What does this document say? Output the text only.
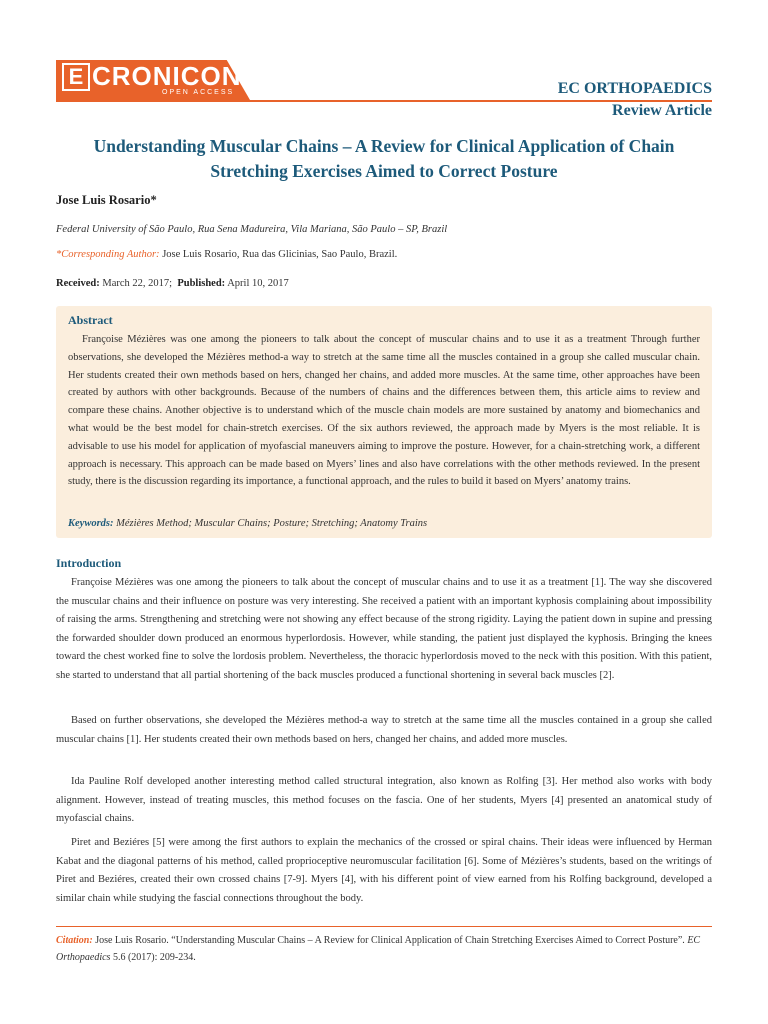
E CRONICON
OPEN ACCESS	EC ORTHOPAEDICS
Review Article
Understanding Muscular Chains – A Review for Clinical Application of Chain Stretching Exercises Aimed to Correct Posture
Jose Luis Rosario*
Federal University of São Paulo, Rua Sena Madureira, Vila Mariana, São Paulo – SP, Brazil
*Corresponding Author: Jose Luis Rosario, Rua das Glicinias, Sao Paulo, Brazil.
Received: March 22, 2017; Published: April 10, 2017
Abstract
Françoise Mézières was one among the pioneers to talk about the concept of muscular chains and to use it as a treatment Through further observations, she developed the Mézières method-a way to stretch at the same time all the muscles contained in a group she called muscular chain. Her students created their own methods based on hers, changed her chains, and added more muscles. At the same time, other approaches have been created by authors with other backgrounds. Because of the numbers of chains and the differences between them, this article aims to review and compare these chains. Another objective is to understand which of the muscle chain models are more sustained by anatomy and biomechanics and what would be the best model for chain-stretch exercises. Of the six authors reviewed, the approach made by Myers is the most reliable. It is advisable to use his model for application of myofascial maneuvers aiming to improve the posture. However, for a chain-stretching work, a different approach is necessary. This approach can be made based on Myers’ lines and also have correlations with the other methods reviewed. In the present study, there is the discussion regarding its importance, a functional approach, and the rules to build it based on Myers’ anatomy trains.
Keywords: Mézières Method; Muscular Chains; Posture; Stretching; Anatomy Trains
Introduction
Françoise Mézières was one among the pioneers to talk about the concept of muscular chains and to use it as a treatment [1]. The way she discovered the muscular chains and their influence on posture was very interesting. She received a patient with an important kyphosis complaining about impossibility of raising the arms. Strengthening and stretching were not showing any effect because of the strong rigidity. Laying the patient down in supine and pressing the forwarded shoulder down produced an enormous hyperlordosis. However, while standing, the patient just displayed the kyphosis. Bringing the knees toward the chest worked fine to solve the lordosis problem. Nevertheless, the thoracic hyperlordosis moved to the neck with this position. With this patient, she started to understand that all partial shortening of the back muscles produced a functional shortening in several back muscles [2].
Based on further observations, she developed the Mézières method-a way to stretch at the same time all the muscles contained in a group she called muscular chains [1]. Her students created their own methods based on hers, changed her chains, and added more muscles.
Ida Pauline Rolf developed another interesting method called structural integration, also known as Rolfing [3]. Her method also works with body alignment. However, instead of treating muscles, this method focuses on the fascia. One of her students, Myers [4] presented an anatomical study of myofascial chains.
Piret and Beziéres [5] were among the first authors to explain the mechanics of the crossed or spiral chains. Their ideas were influenced by Herman Kabat and the diagonal patterns of his method, called proprioceptive neuromuscular facilitation [6]. Some of Mézières’s students, based on the writings of Piret and Beziéres, created their own crossed chains [7-9]. Myers [4], with his different point of view earned from his Rolfing background, developed a similar chain while studying the fascial connections throughout the body.
Citation: Jose Luis Rosario. “Understanding Muscular Chains – A Review for Clinical Application of Chain Stretching Exercises Aimed to Correct Posture”. EC Orthopaedics 5.6 (2017): 209-234.
